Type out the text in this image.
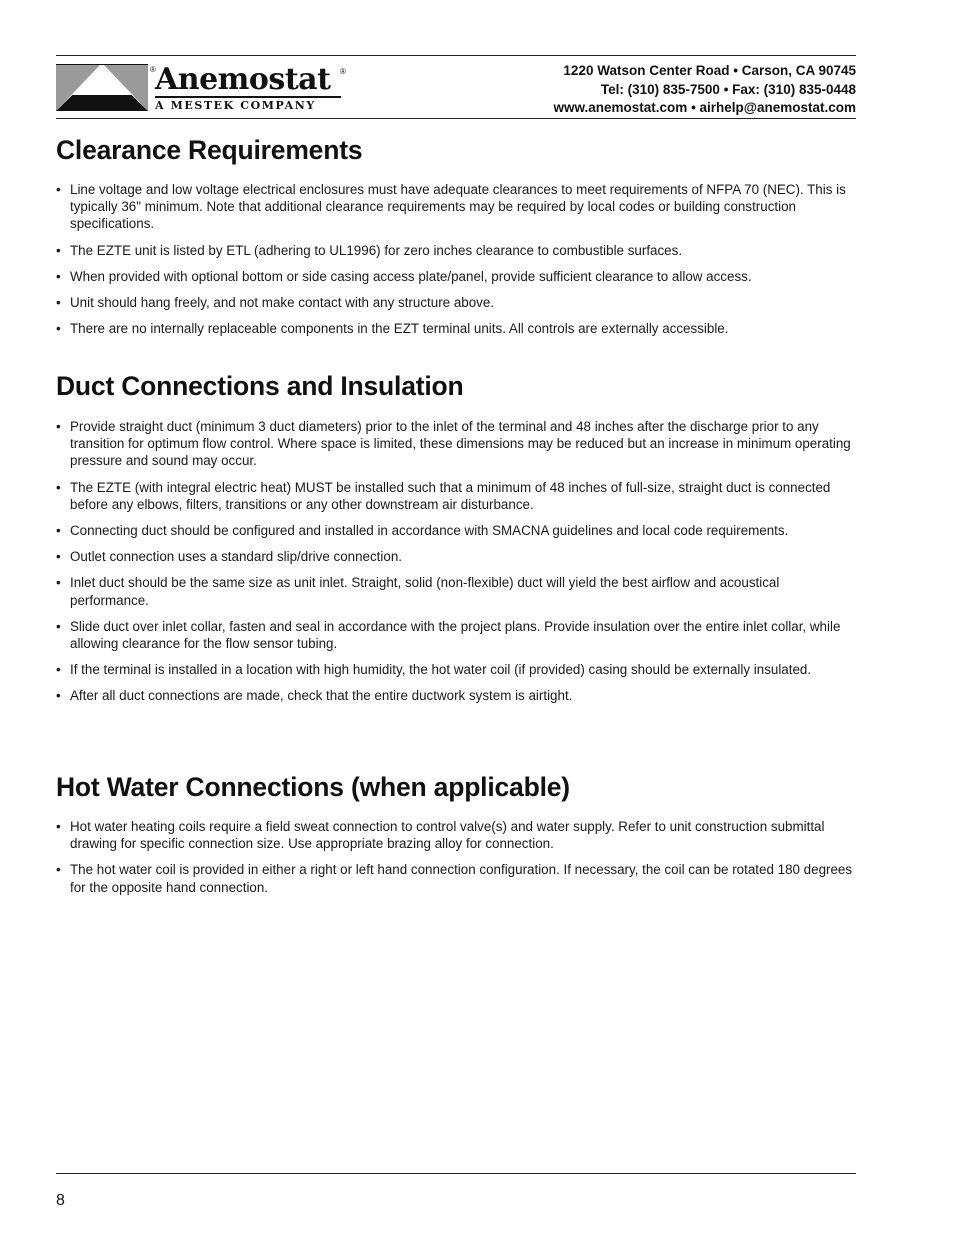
® Anemostat ®
A MESTEK COMPANY
1220 Watson Center Road • Carson, CA 90745
Tel: (310) 835-7500 • Fax: (310) 835-0448
www.anemostat.com • airhelp@anemostat.com
Clearance Requirements
• Line voltage and low voltage electrical enclosures must have adequate clearances to meet requirements of NFPA 70 (NEC). This is typically 36" minimum. Note that additional clearance requirements may be required by local codes or building construction specifications.
• The EZTE unit is listed by ETL (adhering to UL1996) for zero inches clearance to combustible surfaces.
• When provided with optional bottom or side casing access plate/panel, provide sufficient clearance to allow access.
• Unit should hang freely, and not make contact with any structure above.
• There are no internally replaceable components in the EZT terminal units. All controls are externally accessible.
Duct Connections and Insulation
• Provide straight duct (minimum 3 duct diameters) prior to the inlet of the terminal and 48 inches after the discharge prior to any transition for optimum flow control. Where space is limited, these dimensions may be reduced but an increase in minimum operating pressure and sound may occur.
• The EZTE (with integral electric heat) MUST be installed such that a minimum of 48 inches of full-size, straight duct is connected before any elbows, filters, transitions or any other downstream air disturbance.
• Connecting duct should be configured and installed in accordance with SMACNA guidelines and local code requirements.
• Outlet connection uses a standard slip/drive connection.
• Inlet duct should be the same size as unit inlet. Straight, solid (non-flexible) duct will yield the best airflow and acoustical performance.
• Slide duct over inlet collar, fasten and seal in accordance with the project plans. Provide insulation over the entire inlet collar, while allowing clearance for the flow sensor tubing.
• If the terminal is installed in a location with high humidity, the hot water coil (if provided) casing should be externally insulated.
• After all duct connections are made, check that the entire ductwork system is airtight.
Hot Water Connections (when applicable)
• Hot water heating coils require a field sweat connection to control valve(s) and water supply. Refer to unit construction submittal drawing for specific connection size. Use appropriate brazing alloy for connection.
• The hot water coil is provided in either a right or left hand connection configuration. If necessary, the coil can be rotated 180 degrees for the opposite hand connection.
8
